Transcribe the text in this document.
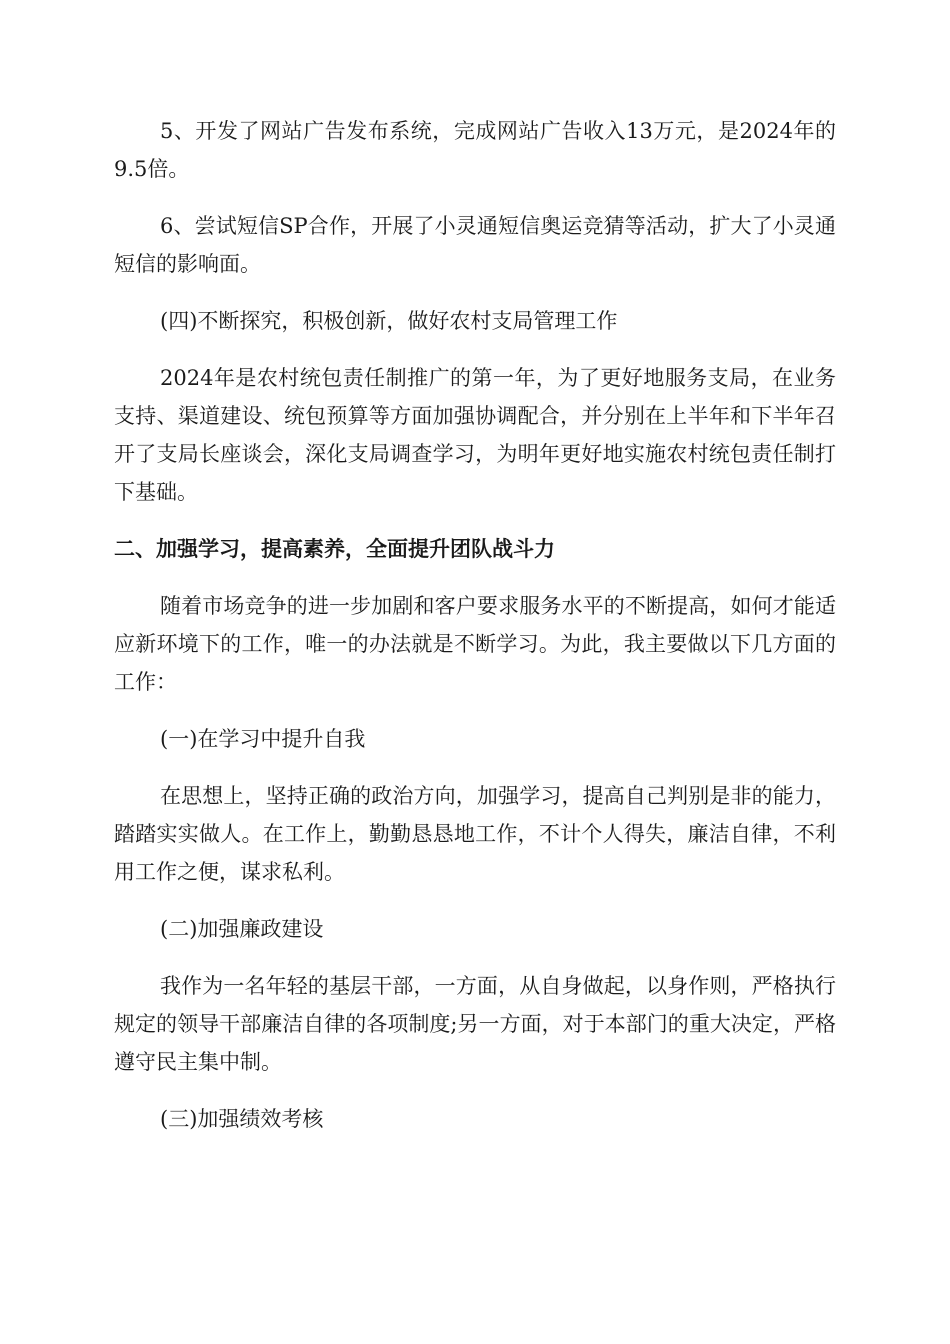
5、开发了网站广告发布系统，完成网站广告收入13万元，是2024年的9.5倍。

6、尝试短信SP合作，开展了小灵通短信奥运竞猜等活动，扩大了小灵通短信的影响面。

(四)不断探究，积极创新，做好农村支局管理工作

2024年是农村统包责任制推广的第一年，为了更好地服务支局，在业务支持、渠道建设、统包预算等方面加强协调配合，并分别在上半年和下半年召开了支局长座谈会，深化支局调查学习，为明年更好地实施农村统包责任制打下基础。

二、加强学习，提高素养，全面提升团队战斗力

随着市场竞争的进一步加剧和客户要求服务水平的不断提高，如何才能适应新环境下的工作，唯一的办法就是不断学习。为此，我主要做以下几方面的工作：

(一)在学习中提升自我

在思想上，坚持正确的政治方向，加强学习，提高自己判别是非的能力，踏踏实实做人。在工作上，勤勤恳恳地工作，不计个人得失，廉洁自律，不利用工作之便，谋求私利。

(二)加强廉政建设

我作为一名年轻的基层干部，一方面，从自身做起，以身作则，严格执行规定的领导干部廉洁自律的各项制度;另一方面，对于本部门的重大决定，严格遵守民主集中制。

(三)加强绩效考核
